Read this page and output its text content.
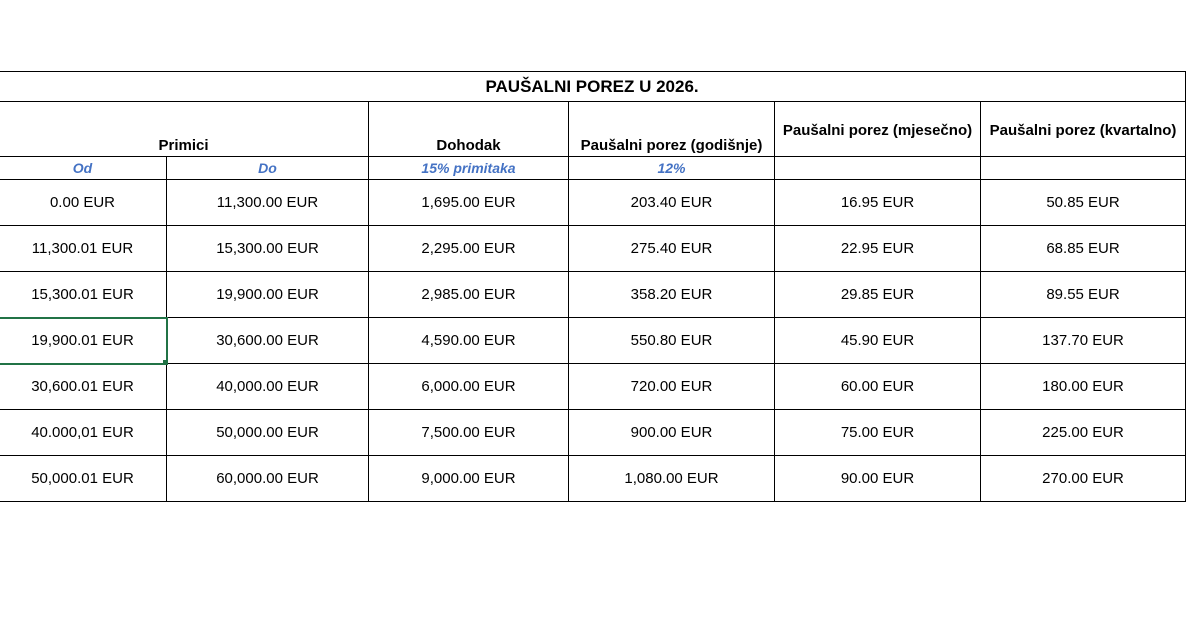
PAUŠALNI POREZ U 2026.					
Primici		Dohodak	Paušalni porez (godišnje)	Paušalni porez (mjesečno)	Paušalni porez (kvartalno)
Od	Do	15% primitaka	12%		
0.00 EUR	11,300.00 EUR	1,695.00 EUR	203.40 EUR	16.95 EUR	50.85 EUR
11,300.01 EUR	15,300.00 EUR	2,295.00 EUR	275.40 EUR	22.95 EUR	68.85 EUR
15,300.01 EUR	19,900.00 EUR	2,985.00 EUR	358.20 EUR	29.85 EUR	89.55 EUR
19,900.01 EUR	30,600.00 EUR	4,590.00 EUR	550.80 EUR	45.90 EUR	137.70 EUR
30,600.01 EUR	40,000.00 EUR	6,000.00 EUR	720.00 EUR	60.00 EUR	180.00 EUR
40.000,01 EUR	50,000.00 EUR	7,500.00 EUR	900.00 EUR	75.00 EUR	225.00 EUR
50,000.01 EUR	60,000.00 EUR	9,000.00 EUR	1,080.00 EUR	90.00 EUR	270.00 EUR
